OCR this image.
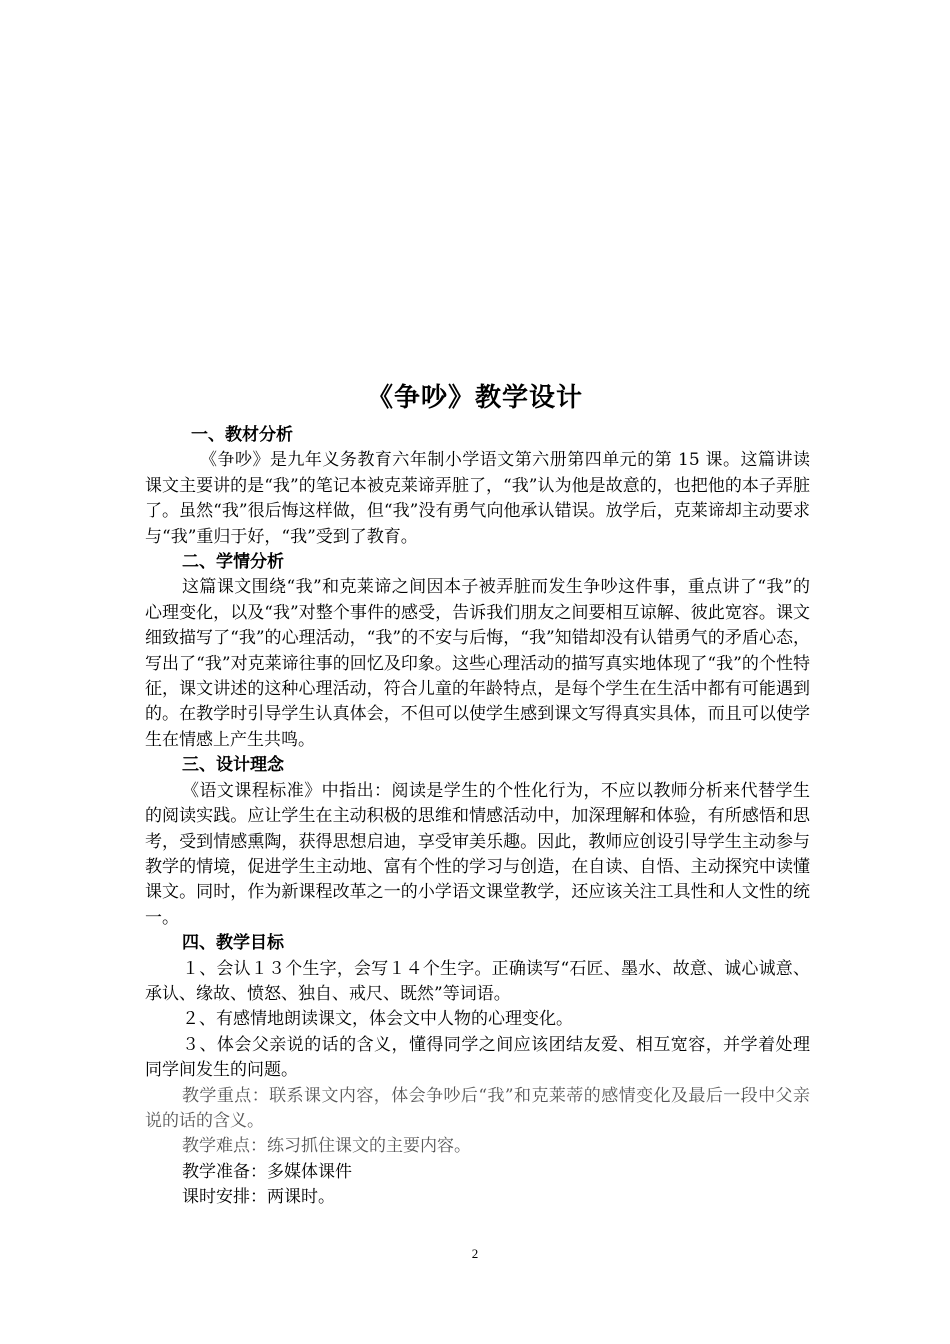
《争吵》教学设计
一、教材分析

《争吵》是九年义务教育六年制小学语文第六册第四单元的第 15 课。这篇讲读课文主要讲的是“我”的笔记本被克莱谛弄脏了，“我”认为他是故意的，也把他的本子弄脏了。虽然“我”很后悔这样做，但“我”没有勇气向他承认错误。放学后，克莱谛却主动要求与“我”重归于好，“我”受到了教育。

二、学情分析

这篇课文围绕“我”和克莱谛之间因本子被弄脏而发生争吵这件事，重点讲了“我”的心理变化，以及“我”对整个事件的感受，告诉我们朋友之间要相互谅解、彼此宽容。课文细致描写了“我”的心理活动，“我”的不安与后悔，“我”知错却没有认错勇气的矛盾心态，写出了“我”对克莱谛往事的回忆及印象。这些心理活动的描写真实地体现了“我”的个性特征，课文讲述的这种心理活动，符合儿童的年龄特点，是每个学生在生活中都有可能遇到的。在教学时引导学生认真体会，不但可以使学生感到课文写得真实具体，而且可以使学生在情感上产生共鸣。

三、设计理念

《语文课程标准》中指出：阅读是学生的个性化行为，不应以教师分析来代替学生的阅读实践。应让学生在主动积极的思维和情感活动中，加深理解和体验，有所感悟和思考，受到情感熏陶，获得思想启迪，享受审美乐趣。因此，教师应创设引导学生主动参与教学的情境，促进学生主动地、富有个性的学习与创造，在自读、自悟、主动探究中读懂课文。同时，作为新课程改革之一的小学语文课堂教学，还应该关注工具性和人文性的统一。

四、教学目标

１、会认１３个生字，会写１４个生字。正确读写“石匠、墨水、故意、诚心诚意、承认、缘故、愤怒、独自、戒尺、既然”等词语。

２、有感情地朗读课文，体会文中人物的心理变化。

３、体会父亲说的话的含义，懂得同学之间应该团结友爱、相互宽容，并学着处理同学间发生的问题。

教学重点：联系课文内容，体会争吵后“我”和克莱蒂的感情变化及最后一段中父亲说的话的含义。

教学难点：练习抓住课文的主要内容。

教学准备：多媒体课件

课时安排：两课时。

2
